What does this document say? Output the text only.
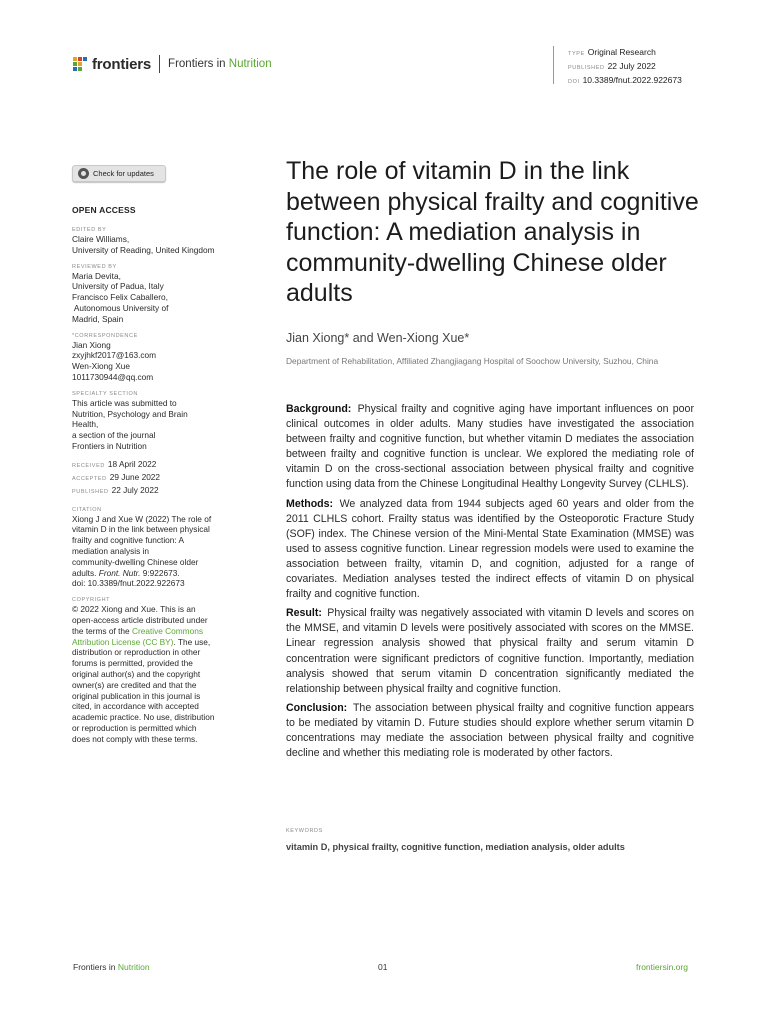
frontiers Frontiers in Nutrition
TYPE Original Research
PUBLISHED 22 July 2022
DOI 10.3389/fnut.2022.922673
Check for updates
OPEN ACCESS
EDITED BY
Claire Williams,
University of Reading, United Kingdom
REVIEWED BY
Maria Devita,
University of Padua, Italy
Francisco Felix Caballero,
Autonomous University of
Madrid, Spain
*CORRESPONDENCE
Jian Xiong
zxyjhkf2017@163.com
Wen-Xiong Xue
1011730944@qq.com
SPECIALTY SECTION
This article was submitted to
Nutrition, Psychology and Brain
Health,
a section of the journal
Frontiers in Nutrition
RECEIVED 18 April 2022
ACCEPTED 29 June 2022
PUBLISHED 22 July 2022
CITATION
Xiong J and Xue W (2022) The role of
vitamin D in the link between physical
frailty and cognitive function: A
mediation analysis in
community-dwelling Chinese older
adults. Front. Nutr. 9:922673.
doi: 10.3389/fnut.2022.922673
COPYRIGHT
© 2022 Xiong and Xue. This is an
open-access article distributed under
the terms of the Creative Commons
Attribution License (CC BY). The use,
distribution or reproduction in other
forums is permitted, provided the
original author(s) and the copyright
owner(s) are credited and that the
original publication in this journal is
cited, in accordance with accepted
academic practice. No use, distribution
or reproduction is permitted which
does not comply with these terms.
The role of vitamin D in the link between physical frailty and cognitive function: A mediation analysis in community-dwelling Chinese older adults
Jian Xiong* and Wen-Xiong Xue*
Department of Rehabilitation, Affiliated Zhangjiagang Hospital of Soochow University, Suzhou, China

Background: Physical frailty and cognitive aging have important influences on poor clinical outcomes in older adults. Many studies have investigated the association between frailty and cognitive function, but whether vitamin D mediates the association between frailty and cognitive function is unclear. We explored the mediating role of vitamin D on the cross-sectional association between physical frailty and cognitive function using data from the Chinese Longitudinal Healthy Longevity Survey (CLHLS).

Methods: We analyzed data from 1944 subjects aged 60 years and older from the 2011 CLHLS cohort. Frailty status was identified by the Osteoporotic Fracture Study (SOF) index. The Chinese version of the Mini-Mental State Examination (MMSE) was used to assess cognitive function. Linear regression models were used to examine the association between frailty, vitamin D, and cognition, adjusted for a range of covariates. Mediation analyses tested the indirect effects of vitamin D on physical frailty and cognitive function.

Result: Physical frailty was negatively associated with vitamin D levels and scores on the MMSE, and vitamin D levels were positively associated with scores on the MMSE. Linear regression analysis showed that physical frailty and serum vitamin D concentration were significant predictors of cognitive function. Importantly, mediation analysis showed that serum vitamin D concentration significantly mediated the relationship between physical frailty and cognitive function.

Conclusion: The association between physical frailty and cognitive function appears to be mediated by vitamin D. Future studies should explore whether serum vitamin D concentrations may mediate the association between physical frailty and cognitive decline and whether this mediating role is moderated by other factors.

KEYWORDS
vitamin D, physical frailty, cognitive function, mediation analysis, older adults
Frontiers in Nutrition	01	frontiersin.org
